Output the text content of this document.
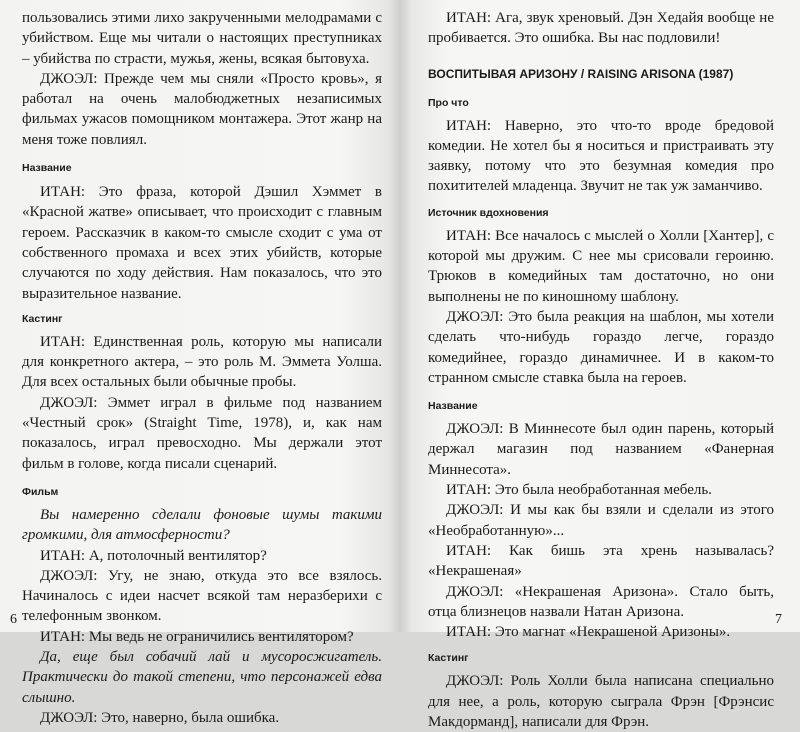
пользовались этими лихо закрученными мелодрамами с убийством. Еще мы читали о настоящих преступниках – убийства по страсти, мужья, жены, всякая бытовуха.

ДЖОЭЛ: Прежде чем мы сняли «Просто кровь», я работал на очень малобюджетных незаписимых фильмах ужасов помощником монтажера. Этот жанр на меня тоже повлиял.

Название

ИТАН: Это фраза, которой Дэшил Хэммет в «Красной жатве» описывает, что происходит с главным героем. Рассказчик в каком-то смысле сходит с ума от собственного промаха и всех этих убийств, которые случаются по ходу действия. Нам показалось, что это выразительное название.

Кастинг

ИТАН: Единственная роль, которую мы написали для конкретного актера, – это роль М. Эмметa Уолша. Для всех остальных были обычные пробы.

ДЖОЭЛ: Эммет играл в фильме под названием «Честный срок» (Straight Time, 1978), и, как нам показалось, играл превосходно. Мы держали этот фильм в голове, когда писали сценарий.

Фильм

Вы намеренно сделали фоновые шумы такими громкими, для атмосферности?

ИТАН: А, потолочный вентилятор?

ДЖОЭЛ: Угу, не знаю, откуда это все взялось. Начиналось с идеи насчет всякой там неразберихи с телефонным звонком.

ИТАН: Мы ведь не ограничились вентилятором?

Да, еще был собачий лай и мусоросжигатель. Практически до такой степени, что персонажей едва слышно.

ДЖОЭЛ: Это, наверно, была ошибка.

6

ИТАН: Ага, звук хреновый. Дэн Хедайя вообще не пробивается. Это ошибка. Вы нас подловили!

ВОСПИТЫВАЯ АРИЗОНУ / RAISING ARISONA (1987)
Про что

ИТАН: Наверно, это что-то вроде бредовой комедии. Не хотел бы я носиться и пристраивать эту заявку, потому что это безумная комедия про похитителей младенца. Звучит не так уж заманчиво.

Источник вдохновения

ИТАН: Все началось с мыслей о Холли [Хантер], с которой мы дружим. С нее мы срисовали героиню. Трюков в комедийных там достаточно, но они выполнены не по киношному шаблону.

ДЖОЭЛ: Это была реакция на шаблон, мы хотели сделать что-нибудь гораздо легче, гораздо комедийнее, гораздо динамичнее. И в каком-то странном смысле ставка была на героев.

Название

ДЖОЭЛ: В Миннесоте был один парень, который держал магазин под названием «Фанерная Миннесота».

ИТАН: Это была необработанная мебель.

ДЖОЭЛ: И мы как бы взяли и сделали из этого «Необработанную»...

ИТАН: Как бишь эта хрень называлась? «Некрашеная»

ДЖОЭЛ: «Некрашеная Аризона». Стало быть, отца близнецов назвали Натан Аризона.

ИТАН: Это магнат «Некрашеной Аризоны».

Кастинг

ДЖОЭЛ: Роль Холли была написана специально для нее, а роль, которую сыграла Фрэн [Фрэнсис Макдорманд], написали для Фрэн.

7
